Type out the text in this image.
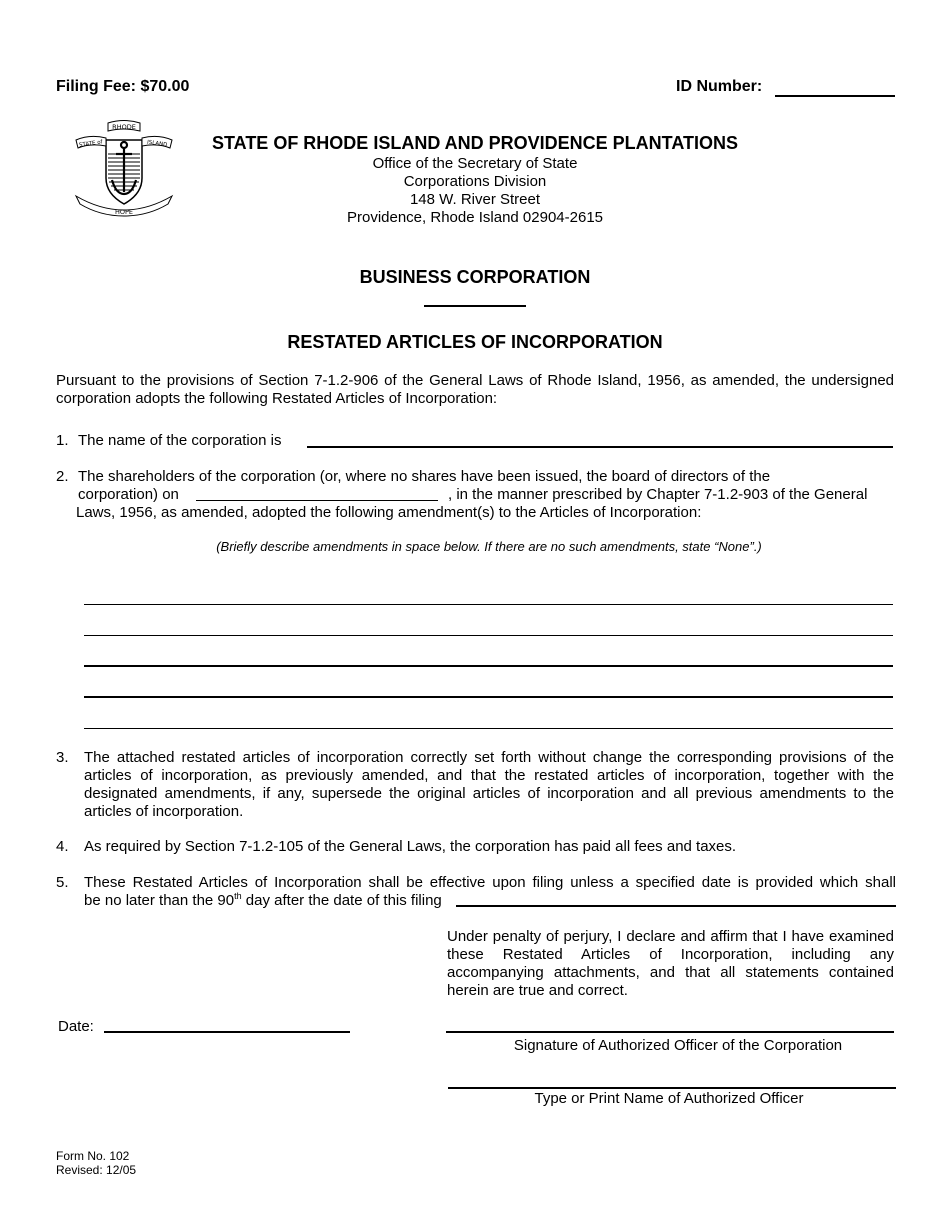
Filing Fee: $70.00	ID Number:
RHODE
STATE of	ISLAND
HOPE
STATE OF RHODE ISLAND AND PROVIDENCE PLANTATIONS
Office of the Secretary of State
Corporations Division
148 W. River Street
Providence, Rhode Island 02904-2615
BUSINESS CORPORATION
RESTATED ARTICLES OF INCORPORATION
Pursuant to the provisions of Section 7-1.2-906 of the General Laws of Rhode Island, 1956, as amended, the undersigned corporation adopts the following Restated Articles of Incorporation:
1. The name of the corporation is
2. The shareholders of the corporation (or, where no shares have been issued, the board of directors of the
corporation) on	, in the manner prescribed by Chapter 7-1.2-903 of the General
Laws, 1956, as amended, adopted the following amendment(s) to the Articles of Incorporation:
(Briefly describe amendments in space below. If there are no such amendments, state “None”.)
3. The attached restated articles of incorporation correctly set forth without change the corresponding provisions of the articles of incorporation, as previously amended, and that the restated articles of incorporation, together with the designated amendments, if any, supersede the original articles of incorporation and all previous amendments to the articles of incorporation.
4. As required by Section 7-1.2-105 of the General Laws, the corporation has paid all fees and taxes.
5. These Restated Articles of Incorporation shall be effective upon filing unless a specified date is provided which shall
be no later than the 90th day after the date of this filing
Under penalty of perjury, I declare and affirm that I have examined these Restated Articles of Incorporation, including any accompanying attachments, and that all statements contained herein are true and correct.
Date:
Signature of Authorized Officer of the Corporation
Type or Print Name of Authorized Officer
Form No. 102
Revised: 12/05
